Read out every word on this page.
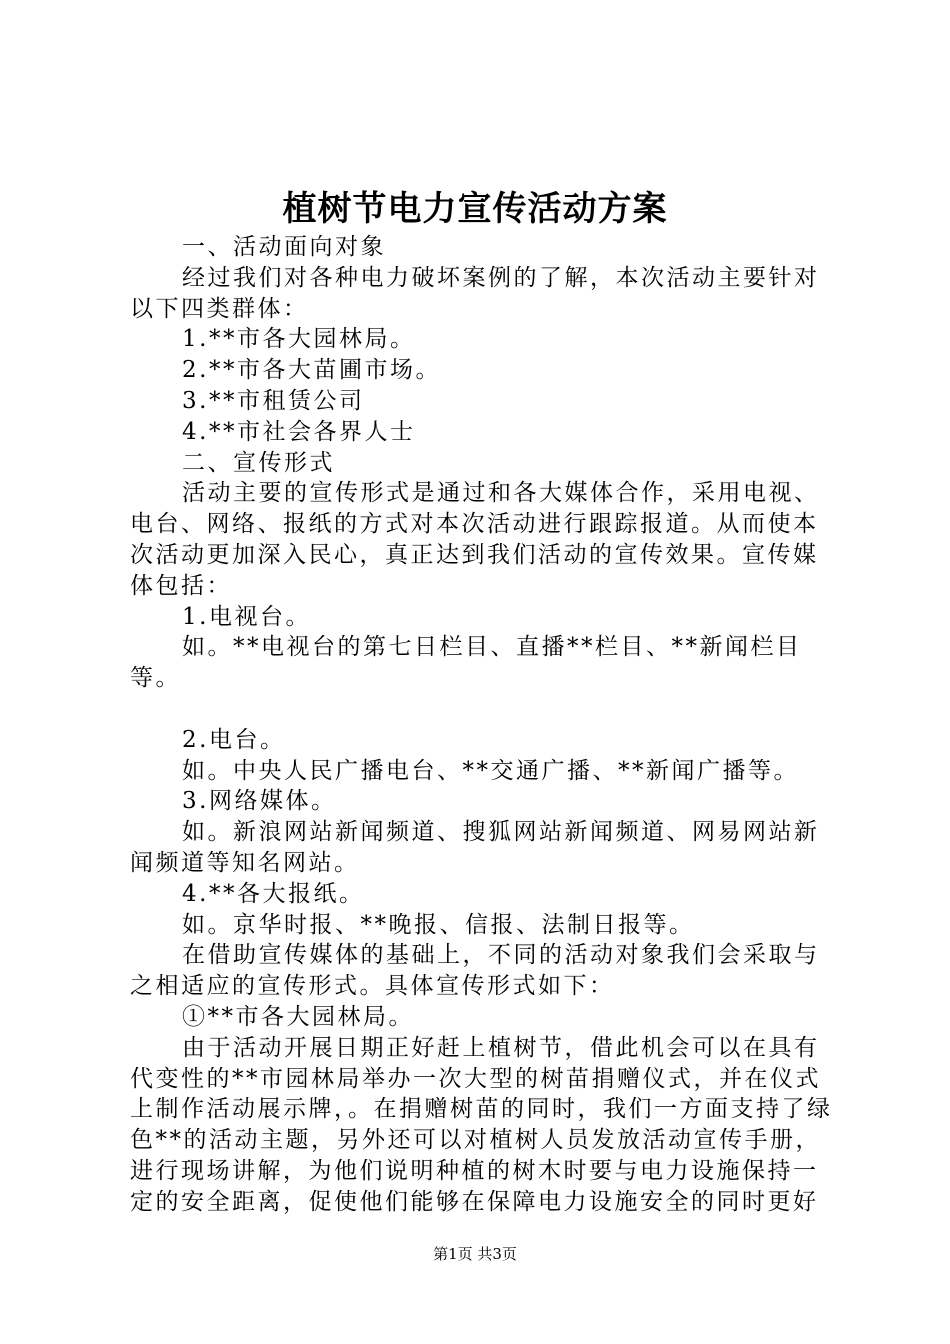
植树节电力宣传活动方案

一、活动面向对象

经过我们对各种电力破坏案例的了解，本次活动主要针对以下四类群体：

1.**市各大园林局。

2.**市各大苗圃市场。

3.**市租赁公司

4.**市社会各界人士

二、宣传形式

活动主要的宣传形式是通过和各大媒体合作，采用电视、电台、网络、报纸的方式对本次活动进行跟踪报道。从而使本次活动更加深入民心，真正达到我们活动的宣传效果。宣传媒体包括：

1.电视台。

如。**电视台的第七日栏目、直播**栏目、**新闻栏目等。

2.电台。

如。中央人民广播电台、**交通广播、**新闻广播等。

3.网络媒体。

如。新浪网站新闻频道、搜狐网站新闻频道、网易网站新闻频道等知名网站。

4.**各大报纸。

如。京华时报、**晚报、信报、法制日报等。

在借助宣传媒体的基础上，不同的活动对象我们会采取与之相适应的宣传形式。具体宣传形式如下：

①**市各大园林局。

由于活动开展日期正好赶上植树节，借此机会可以在具有代变性的**市园林局举办一次大型的树苗捐赠仪式，并在仪式上制作活动展示牌，。在捐赠树苗的同时，我们一方面支持了绿色**的活动主题，另外还可以对植树人员发放活动宣传手册，进行现场讲解，为他们说明种植的树木时要与电力设施保持一定的安全距离，促使他们能够在保障电力设施安全的同时更好

第1页 共3页
